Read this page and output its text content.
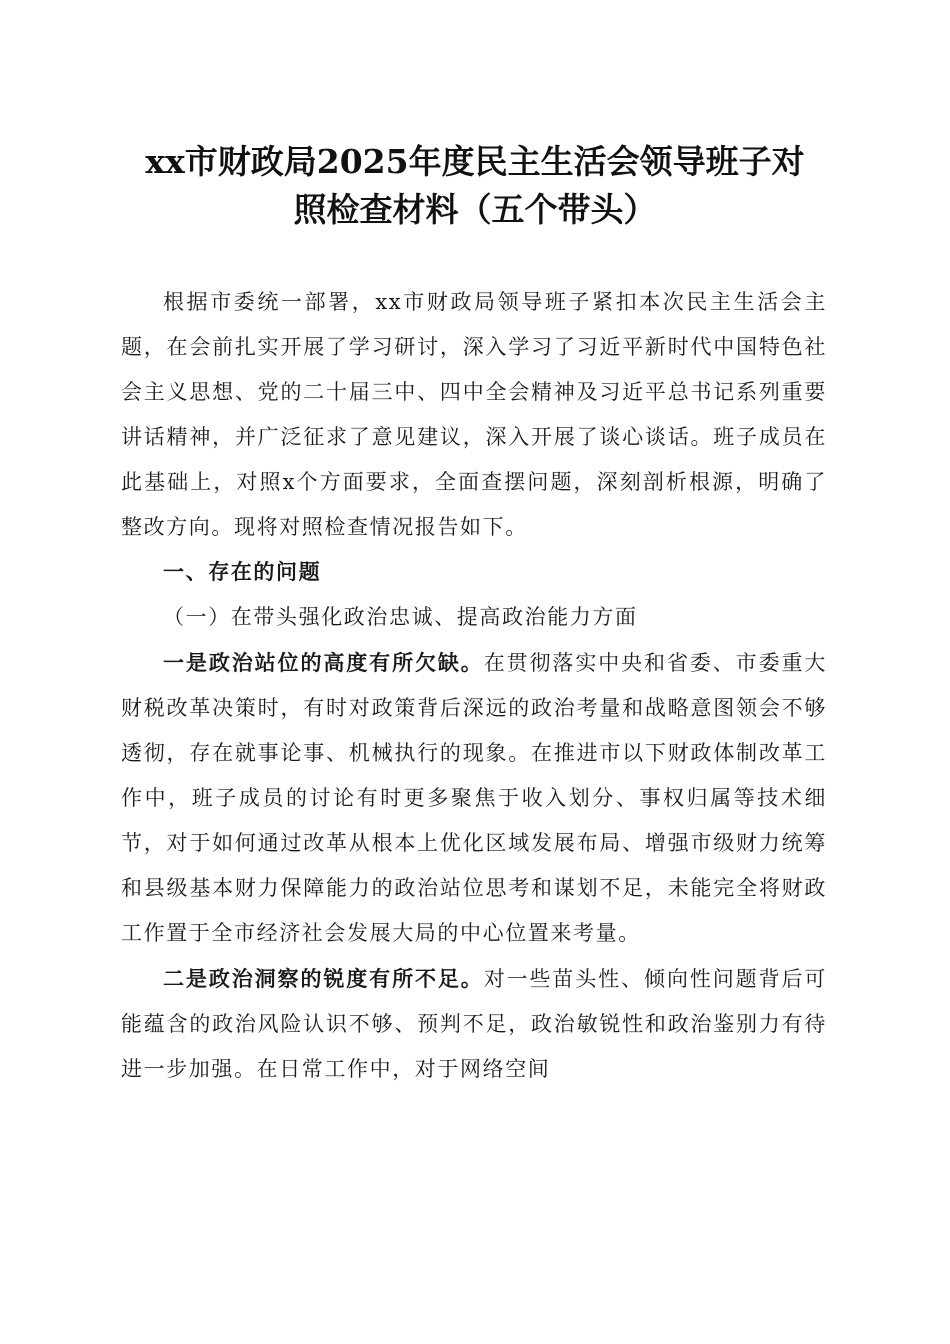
xx市财政局2025年度民主生活会领导班子对
照检查材料（五个带头）

根据市委统一部署，xx市财政局领导班子紧扣本次民主生活会主题，在会前扎实开展了学习研讨，深入学习了习近平新时代中国特色社会主义思想、党的二十届三中、四中全会精神及习近平总书记系列重要讲话精神，并广泛征求了意见建议，深入开展了谈心谈话。班子成员在此基础上，对照x个方面要求，全面查摆问题，深刻剖析根源，明确了整改方向。现将对照检查情况报告如下。

一、存在的问题

（一）在带头强化政治忠诚、提高政治能力方面

一是政治站位的高度有所欠缺。在贯彻落实中央和省委、市委重大财税改革决策时，有时对政策背后深远的政治考量和战略意图领会不够透彻，存在就事论事、机械执行的现象。在推进市以下财政体制改革工作中，班子成员的讨论有时更多聚焦于收入划分、事权归属等技术细节，对于如何通过改革从根本上优化区域发展布局、增强市级财力统筹和县级基本财力保障能力的政治站位思考和谋划不足，未能完全将财政工作置于全市经济社会发展大局的中心位置来考量。

二是政治洞察的锐度有所不足。对一些苗头性、倾向性问题背后可能蕴含的政治风险认识不够、预判不足，政治敏锐性和政治鉴别力有待进一步加强。在日常工作中，对于网络空间
